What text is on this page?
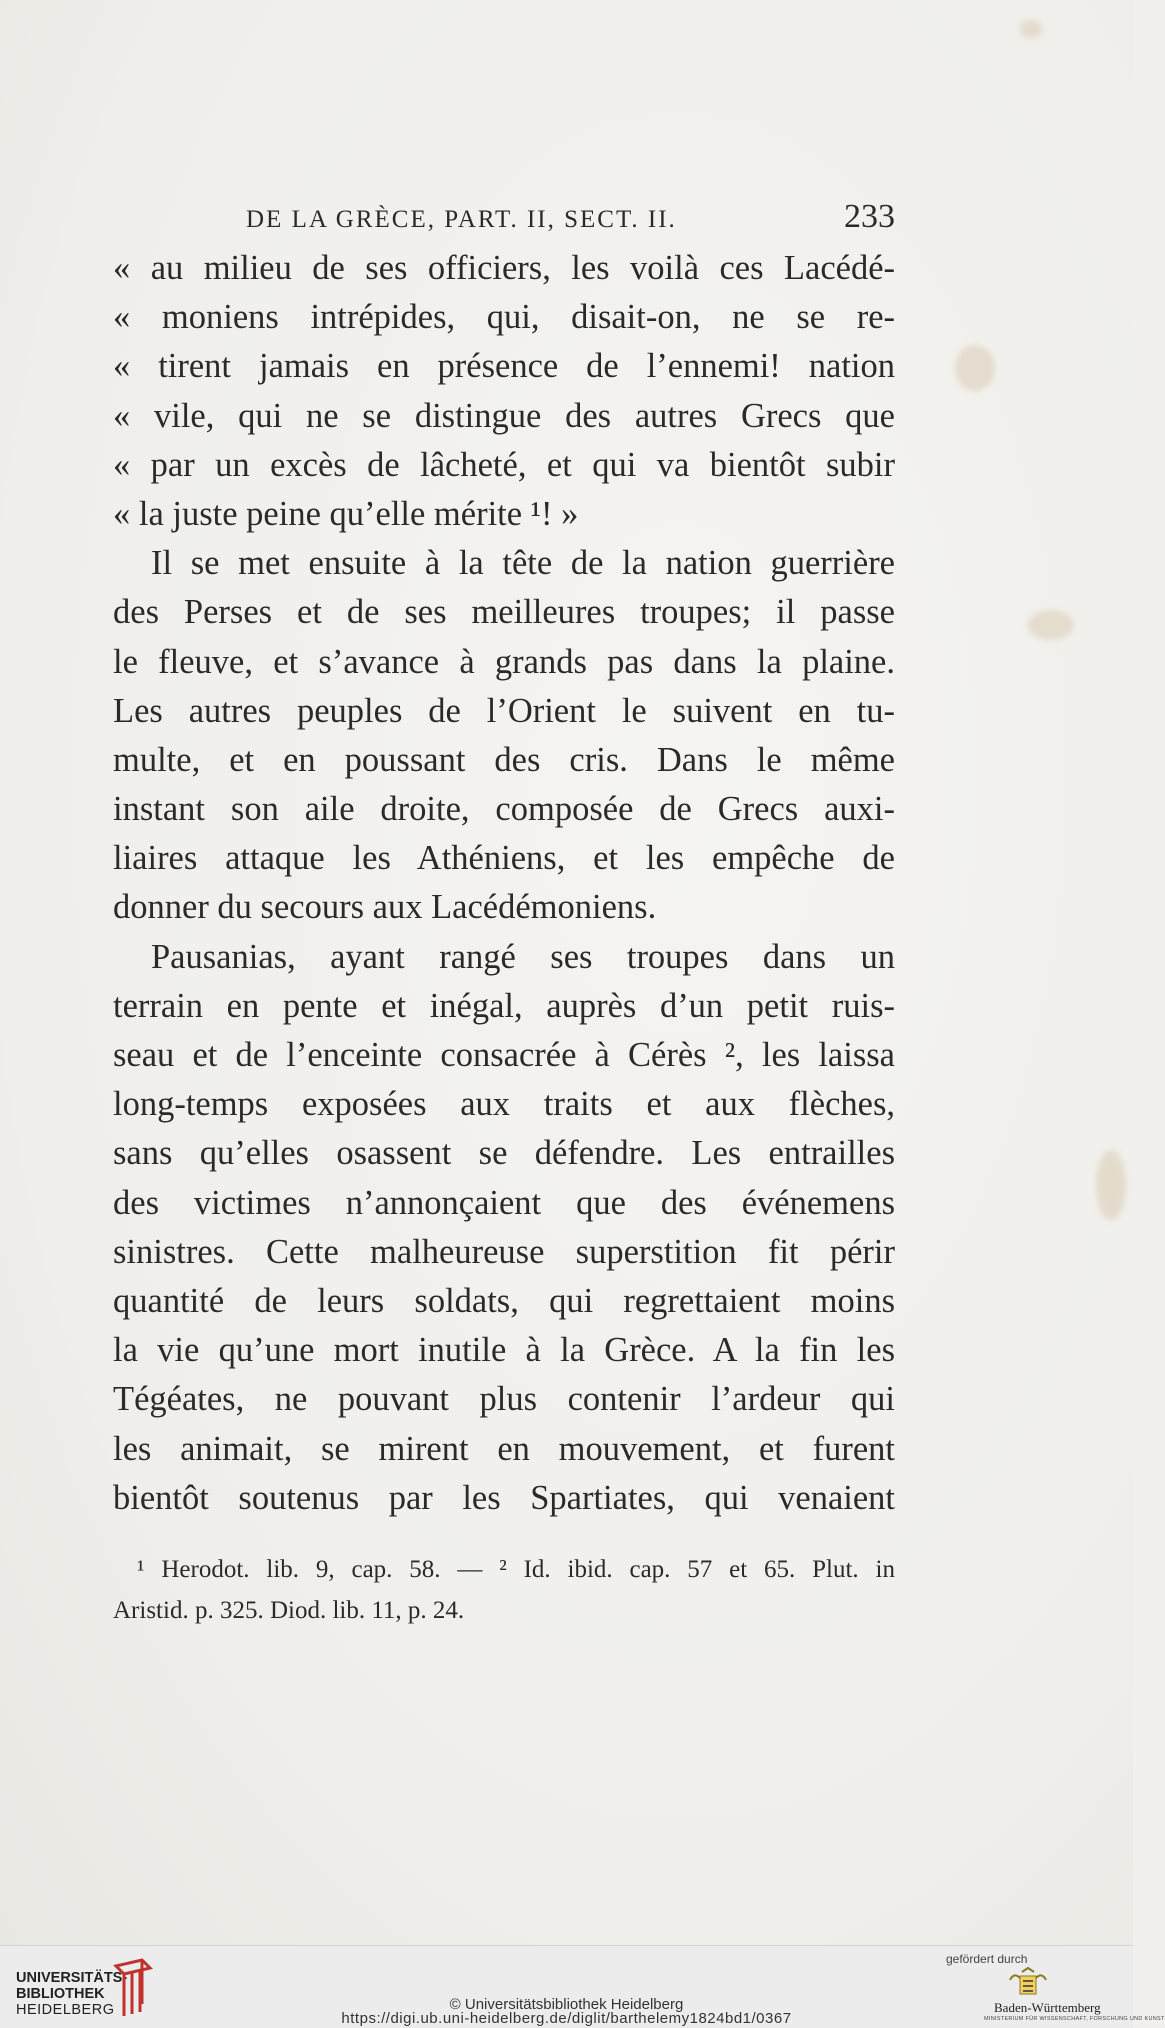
DE LA GRÈCE, PART. II, SECT. II.	233
« au milieu de ses officiers, les voilà ces Lacédé-
« moniens intrépides, qui, disait-on, ne se re-
« tirent jamais en présence de l’ennemi! nation
« vile, qui ne se distingue des autres Grecs que
« par un excès de lâcheté, et qui va bientôt subir
« la juste peine qu’elle mérite ¹! »
Il se met ensuite à la tête de la nation guerrière
des Perses et de ses meilleures troupes; il passe
le fleuve, et s’avance à grands pas dans la plaine.
Les autres peuples de l’Orient le suivent en tu-
multe, et en poussant des cris. Dans le même
instant son aile droite, composée de Grecs auxi-
liaires attaque les Athéniens, et les empêche de
donner du secours aux Lacédémoniens.
Pausanias, ayant rangé ses troupes dans un
terrain en pente et inégal, auprès d’un petit ruis-
seau et de l’enceinte consacrée à Cérès ², les laissa
long-temps exposées aux traits et aux flèches,
sans qu’elles osassent se défendre. Les entrailles
des victimes n’annonçaient que des événemens
sinistres. Cette malheureuse superstition fit périr
quantité de leurs soldats, qui regrettaient moins
la vie qu’une mort inutile à la Grèce. A la fin les
Tégéates, ne pouvant plus contenir l’ardeur qui
les animait, se mirent en mouvement, et furent
bientôt soutenus par les Spartiates, qui venaient
¹ Herodot. lib. 9, cap. 58. — ² Id. ibid. cap. 57 et 65. Plut. in
Aristid. p. 325. Diod. lib. 11, p. 24.
UNIVERSITÄTS-
BIBLIOTHEK
HEIDELBERG	© Universitätsbibliothek Heidelberg
https://digi.ub.uni-heidelberg.de/diglit/barthelemy1824bd1/0367
gefördert durch
Baden-Württemberg
MINISTERIUM FÜR WISSENSCHAFT, FORSCHUNG UND KUNST
